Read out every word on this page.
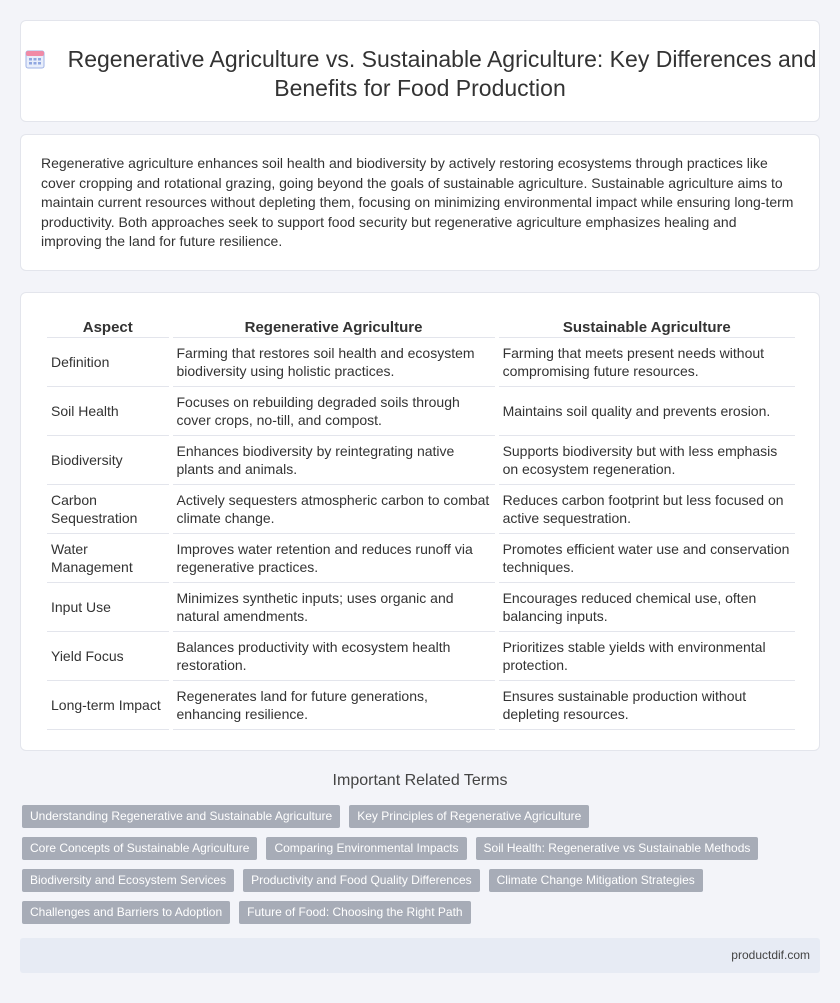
Regenerative Agriculture vs. Sustainable Agriculture: Key Differences and Benefits for Food Production

Regenerative agriculture enhances soil health and biodiversity by actively restoring ecosystems through practices like cover cropping and rotational grazing, going beyond the goals of sustainable agriculture. Sustainable agriculture aims to maintain current resources without depleting them, focusing on minimizing environmental impact while ensuring long-term productivity. Both approaches seek to support food security but regenerative agriculture emphasizes healing and improving the land for future resilience.

Aspect	Regenerative Agriculture	Sustainable Agriculture
Definition	Farming that restores soil health and ecosystem biodiversity using holistic practices.	Farming that meets present needs without compromising future resources.
Soil Health	Focuses on rebuilding degraded soils through cover crops, no-till, and compost.	Maintains soil quality and prevents erosion.
Biodiversity	Enhances biodiversity by reintegrating native plants and animals.	Supports biodiversity but with less emphasis on ecosystem regeneration.
Carbon Sequestration	Actively sequesters atmospheric carbon to combat climate change.	Reduces carbon footprint but less focused on active sequestration.
Water Management	Improves water retention and reduces runoff via regenerative practices.	Promotes efficient water use and conservation techniques.
Input Use	Minimizes synthetic inputs; uses organic and natural amendments.	Encourages reduced chemical use, often balancing inputs.
Yield Focus	Balances productivity with ecosystem health restoration.	Prioritizes stable yields with environmental protection.
Long-term Impact	Regenerates land for future generations, enhancing resilience.	Ensures sustainable production without depleting resources.
Important Related Terms
Understanding Regenerative and Sustainable Agriculture	Key Principles of Regenerative Agriculture
Core Concepts of Sustainable Agriculture	Comparing Environmental Impacts	Soil Health: Regenerative vs Sustainable Methods
Biodiversity and Ecosystem Services	Productivity and Food Quality Differences	Climate Change Mitigation Strategies
Challenges and Barriers to Adoption	Future of Food: Choosing the Right Path
productdif.com
